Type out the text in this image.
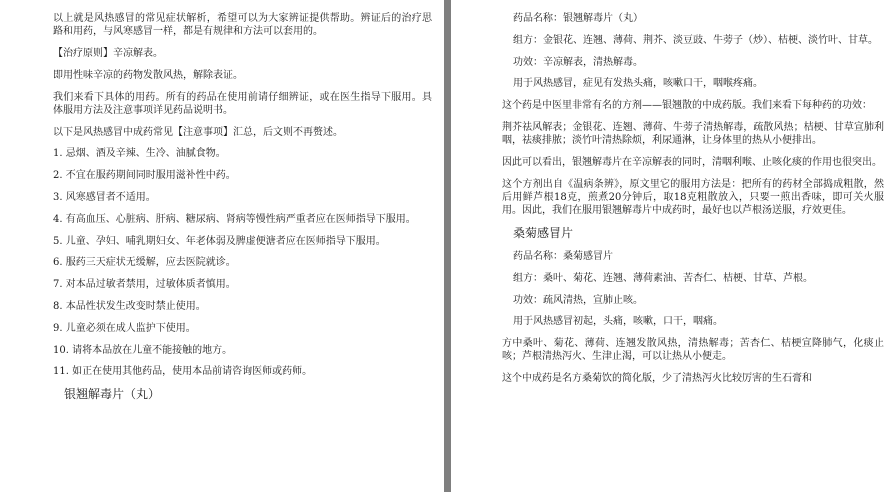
以上就是风热感冒的常见症状解析，希望可以为大家辨证提供帮助。辨证后的治疗思路和用药，与风寒感冒一样，都是有规律和方法可以套用的。

【治疗原则】辛凉解表。

即用性味辛凉的药物发散风热，解除表证。

我们来看下具体的用药。所有的药品在使用前请仔细辨证，或在医生指导下服用。具体服用方法及注意事项详见药品说明书。

以下是风热感冒中成药常见【注意事项】汇总，后文则不再赘述。

1. 忌烟、酒及辛辣、生冷、油腻食物。

2. 不宜在服药期间同时服用滋补性中药。

3. 风寒感冒者不适用。

4. 有高血压、心脏病、肝病、糖尿病、肾病等慢性病严重者应在医师指导下服用。

5. 儿童、孕妇、哺乳期妇女、年老体弱及脾虚便溏者应在医师指导下服用。

6. 服药三天症状无缓解，应去医院就诊。

7. 对本品过敏者禁用，过敏体质者慎用。

8. 本品性状发生改变时禁止使用。

9. 儿童必须在成人监护下使用。

10. 请将本品放在儿童不能接触的地方。

11. 如正在使用其他药品，使用本品前请咨询医师或药师。

银翘解毒片（丸）

药品名称：银翘解毒片（丸）

组方：金银花、连翘、薄荷、荆芥、淡豆豉、牛蒡子（炒）、桔梗、淡竹叶、甘草。

功效：辛凉解表，清热解毒。

用于风热感冒，症见有发热头痛，咳嗽口干，咽喉疼痛。

这个药是中医里非常有名的方剂——银翘散的中成药版。我们来看下每种药的功效：

荆芥祛风解表；金银花、连翘、薄荷、牛蒡子清热解毒，疏散风热；桔梗、甘草宣肺利咽，祛痰排脓；淡竹叶清热除烦，利尿通淋，让身体里的热从小便排出。

因此可以看出，银翘解毒片在辛凉解表的同时，清咽利喉、止咳化痰的作用也很突出。

这个方剂出自《温病条辨》，原文里它的服用方法是：把所有的药材全部捣成粗散，然后用鲜芦根18克，煎煮20分钟后，取18克粗散放入，只要一煎出香味，即可关火服用。因此，我们在服用银翘解毒片中成药时，最好也以芦根汤送服，疗效更佳。

桑菊感冒片

药品名称：桑菊感冒片

组方：桑叶、菊花、连翘、薄荷素油、苦杏仁、桔梗、甘草、芦根。

功效：疏风清热，宣肺止咳。

用于风热感冒初起，头痛，咳嗽，口干，咽痛。

方中桑叶、菊花、薄荷、连翘发散风热，清热解毒；苦杏仁、桔梗宣降肺气，化痰止咳；芦根清热泻火、生津止渴，可以让热从小便走。

这个中成药是名方桑菊饮的简化版，少了清热泻火比较厉害的生石膏和
